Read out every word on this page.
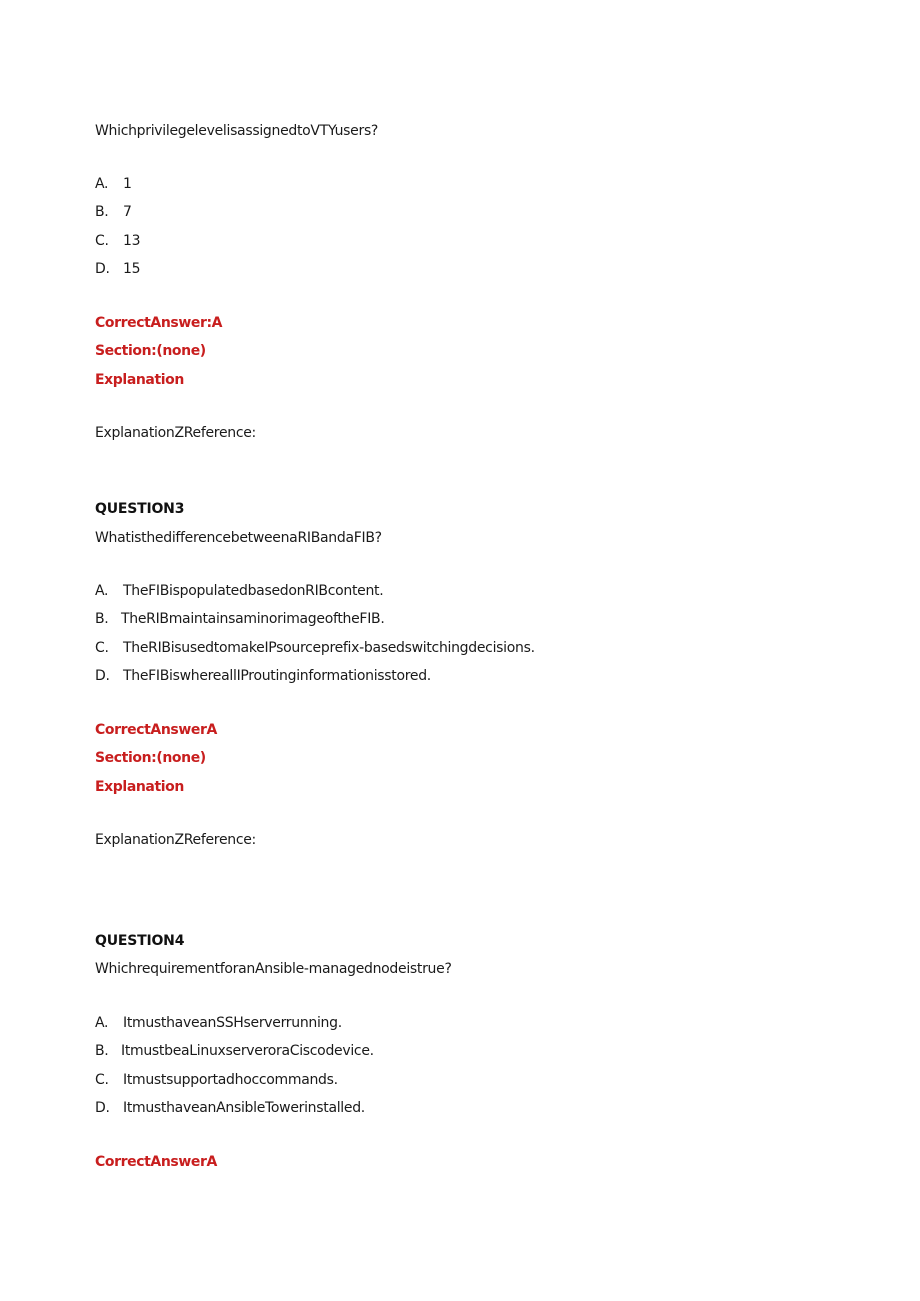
WhichprivilegelevelisassignedtoVTYusers?
A. 1
B. 7
C. 13
D. 15
CorrectAnswer:A
Section:(none)
Explanation
ExplanationZReference:
QUESTION3
WhatisthedifferencebetweenaRIBandaFIB?
A. TheFIBispopulatedbasedonRIBcontent.
B. TheRIBmaintainsaminorimageoftheFIB.
C. TheRIBisusedtomakeIPsourceprefix-basedswitchingdecisions.
D. TheFIBiswhereallIProutinginformationisstored.
CorrectAnswerA
Section:(none)
Explanation
ExplanationZReference:
QUESTION4
WhichrequirementforanAnsible-managednodeistrue?
A. ItmusthaveanSSHserverrunning.
B. ItmustbeaLinuxserveroraCiscodevice.
C. Itmustsupportadhoccommands.
D. ItmusthaveanAnsibleTowerinstalled.
CorrectAnswerA
